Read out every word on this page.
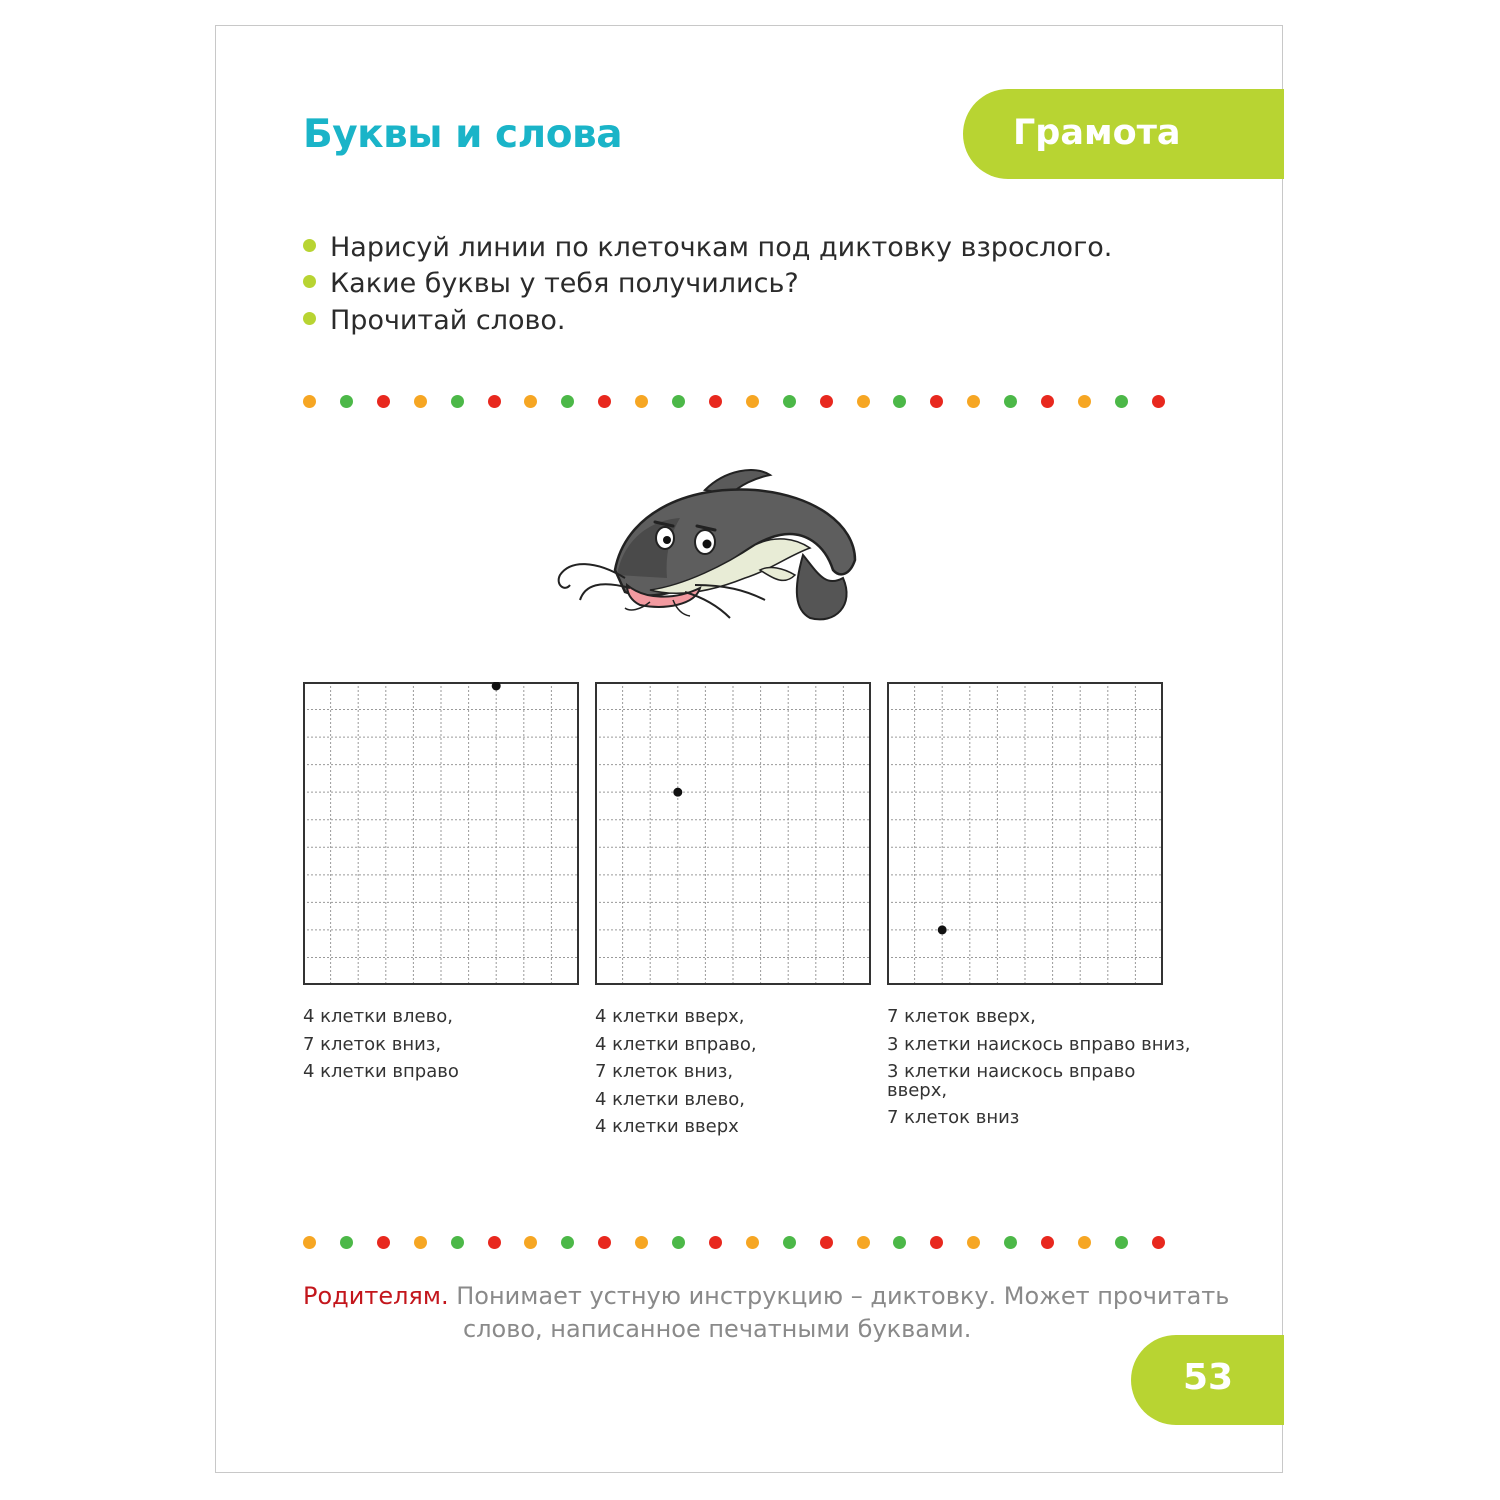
Буквы и слова	Грамота
Нарисуй линии по клеточкам под диктовку взрослого.
Какие буквы у тебя получились?
Прочитай слово.
4 клетки влево,
7 клеток вниз,
4 клетки вправо
4 клетки вверх,
4 клетки вправо,
7 клеток вниз,
4 клетки влево,
4 клетки вверх
7 клеток вверх,
3 клетки наискось вправо вниз,
3 клетки наискось вправо вверх,
7 клеток вниз
Родителям. Понимает устную инструкцию – диктовку. Может прочитать
слово, написанное печатными буквами.
53
